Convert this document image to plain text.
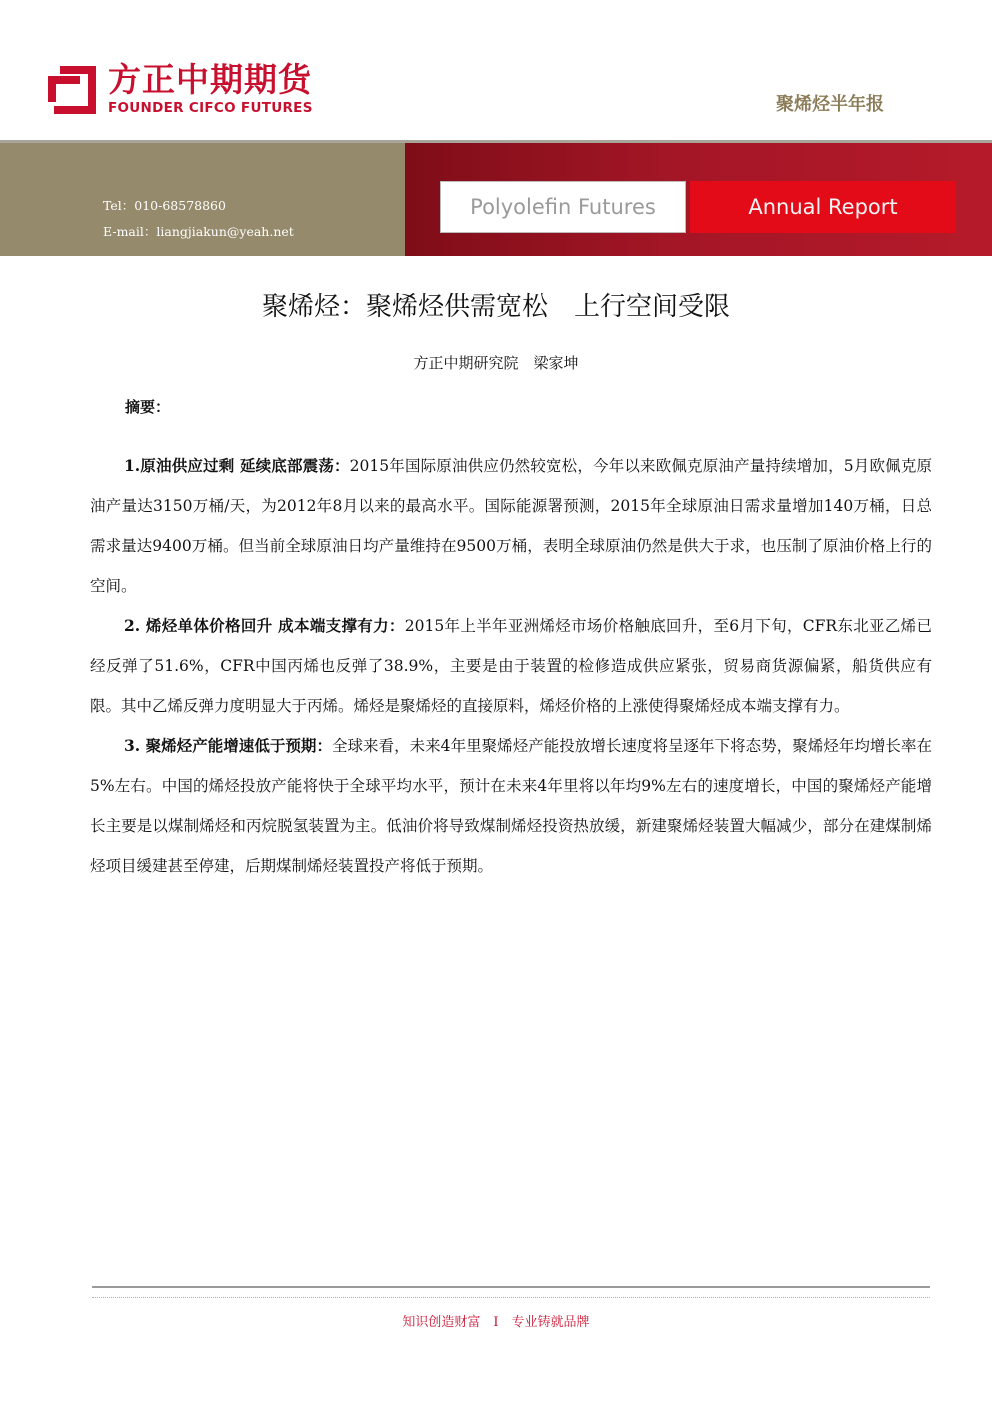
方正中期期货
FOUNDER CIFCO FUTURES	聚烯烃半年报
Tel：010-68578860
E-mail：liangjiakun@yeah.net
Polyolefin Futures	Annual Report
聚烯烃：聚烯烃供需宽松　上行空间受限
方正中期研究院　梁家坤
摘要：

1.原油供应过剩 延续底部震荡：2015年国际原油供应仍然较宽松，今年以来欧佩克原油产量持续增加，5月欧佩克原油产量达3150万桶/天，为2012年8月以来的最高水平。国际能源署预测，2015年全球原油日需求量增加140万桶，日总需求量达9400万桶。但当前全球原油日均产量维持在9500万桶，表明全球原油仍然是供大于求，也压制了原油价格上行的空间。

2. 烯烃单体价格回升 成本端支撑有力：2015年上半年亚洲烯烃市场价格触底回升，至6月下旬，CFR东北亚乙烯已经反弹了51.6%，CFR中国丙烯也反弹了38.9%，主要是由于装置的检修造成供应紧张，贸易商货源偏紧，船货供应有限。其中乙烯反弹力度明显大于丙烯。烯烃是聚烯烃的直接原料，烯烃价格的上涨使得聚烯烃成本端支撑有力。

3. 聚烯烃产能增速低于预期：全球来看，未来4年里聚烯烃产能投放增长速度将呈逐年下将态势，聚烯烃年均增长率在5%左右。中国的烯烃投放产能将快于全球平均水平，预计在未来4年里将以年均9%左右的速度增长，中国的聚烯烃产能增长主要是以煤制烯烃和丙烷脱氢装置为主。低油价将导致煤制烯烃投资热放缓，新建聚烯烃装置大幅减少，部分在建煤制烯烃项目缓建甚至停建，后期煤制烯烃装置投产将低于预期。

知识创造财富　Ⅰ　专业铸就品牌
